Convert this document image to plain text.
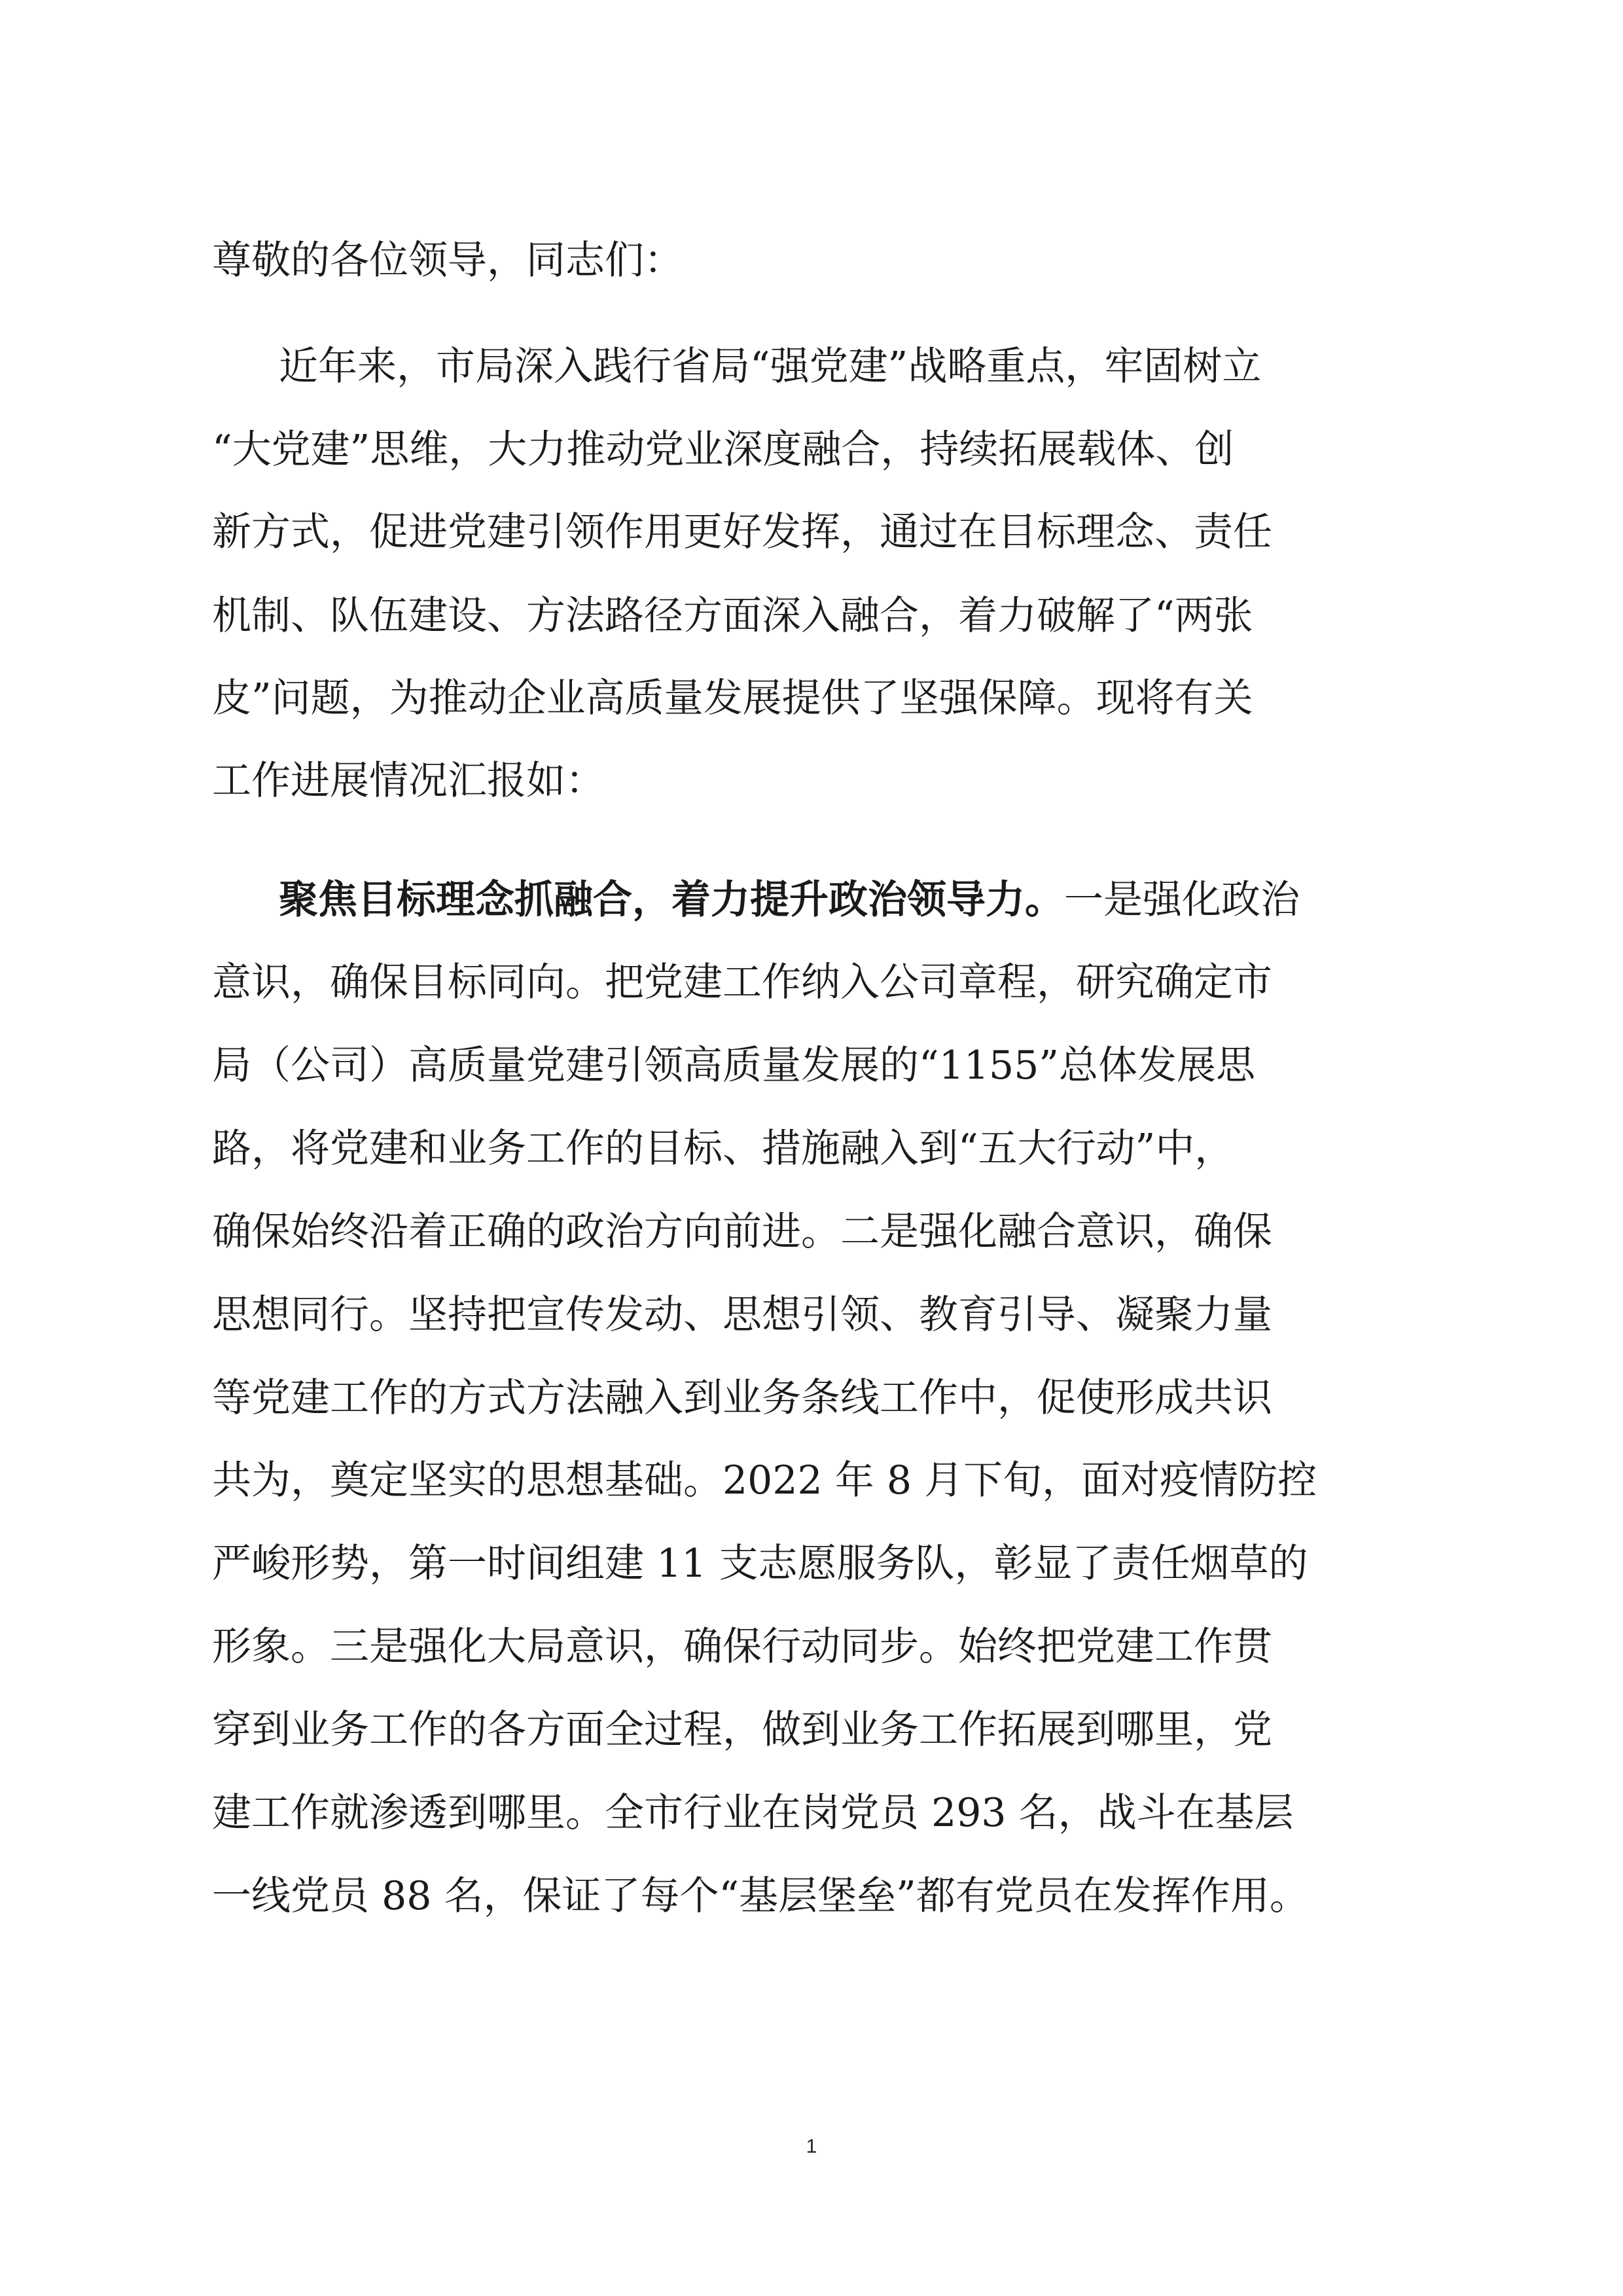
尊敬的各位领导，同志们：

近年来，市局深入践行省局“强党建”战略重点，牢固树立

“大党建”思维，大力推动党业深度融合，持续拓展载体、创

新方式，促进党建引领作用更好发挥，通过在目标理念、责任

机制、队伍建设、方法路径方面深入融合，着力破解了“两张

皮”问题，为推动企业高质量发展提供了坚强保障。现将有关

工作进展情况汇报如：

聚焦目标理念抓融合，着力提升政治领导力。一是强化政治

意识，确保目标同向。把党建工作纳入公司章程，研究确定市

局（公司）高质量党建引领高质量发展的“1155”总体发展思

路，将党建和业务工作的目标、措施融入到“五大行动”中，

确保始终沿着正确的政治方向前进。二是强化融合意识，确保

思想同行。坚持把宣传发动、思想引领、教育引导、凝聚力量

等党建工作的方式方法融入到业务条线工作中，促使形成共识

共为，奠定坚实的思想基础。2022 年 8 月下旬，面对疫情防控

严峻形势，第一时间组建 11 支志愿服务队，彰显了责任烟草的

形象。三是强化大局意识，确保行动同步。始终把党建工作贯

穿到业务工作的各方面全过程，做到业务工作拓展到哪里，党

建工作就渗透到哪里。全市行业在岗党员 293 名，战斗在基层

一线党员 88 名，保证了每个“基层堡垒”都有党员在发挥作用。

1
